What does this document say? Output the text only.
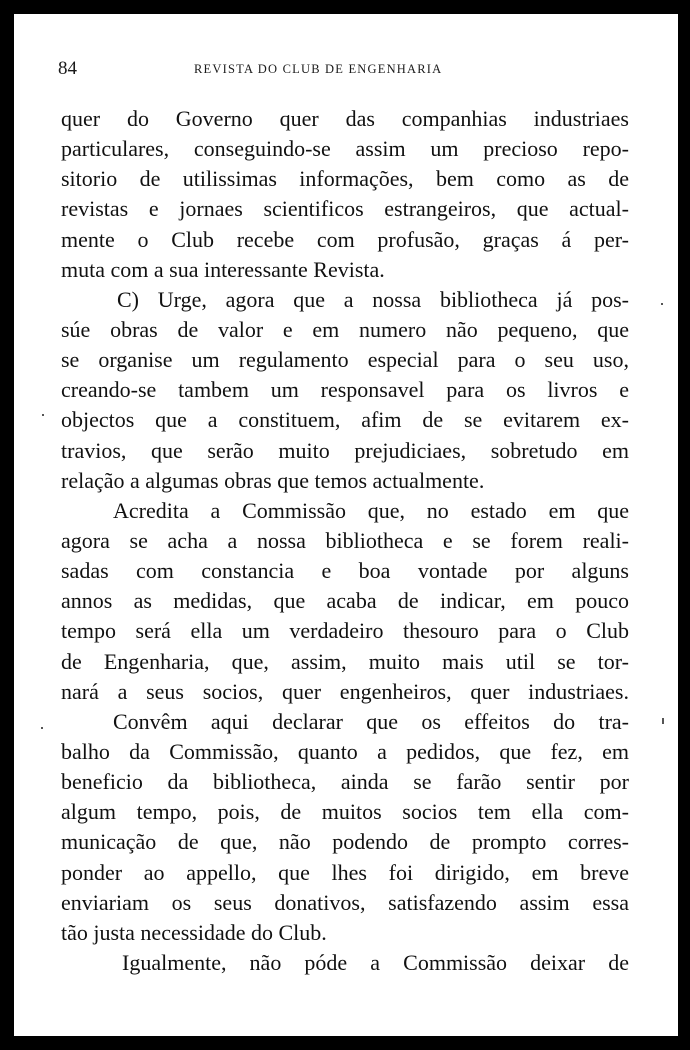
84	REVISTA DO CLUB DE ENGENHARIA
quer do Governo quer das companhias industriaes
particulares, conseguindo-se assim um precioso repo-
sitorio de utilissimas informações, bem como as de
revistas e jornaes scientificos estrangeiros, que actual-
mente o Club recebe com profusão, graças á per-
muta com a sua interessante Revista.
C) Urge, agora que a nossa bibliotheca já pos-
súe obras de valor e em numero não pequeno, que
se organise um regulamento especial para o seu uso,
creando-se tambem um responsavel para os livros e
objectos que a constituem, afim de se evitarem ex-
travios, que serão muito prejudiciaes, sobretudo em
relação a algumas obras que temos actualmente.
Acredita a Commissão que, no estado em que
agora se acha a nossa bibliotheca e se forem reali-
sadas com constancia e boa vontade por alguns
annos as medidas, que acaba de indicar, em pouco
tempo será ella um verdadeiro thesouro para o Club
de Engenharia, que, assim, muito mais util se tor-
nará a seus socios, quer engenheiros, quer industriaes.
Convêm aqui declarar que os effeitos do tra-
balho da Commissão, quanto a pedidos, que fez, em
beneficio da bibliotheca, ainda se farão sentir por
algum tempo, pois, de muitos socios tem ella com-
municação de que, não podendo de prompto corres-
ponder ao appello, que lhes foi dirigido, em breve
enviariam os seus donativos, satisfazendo assim essa
tão justa necessidade do Club.
Igualmente, não póde a Commissão deixar de
